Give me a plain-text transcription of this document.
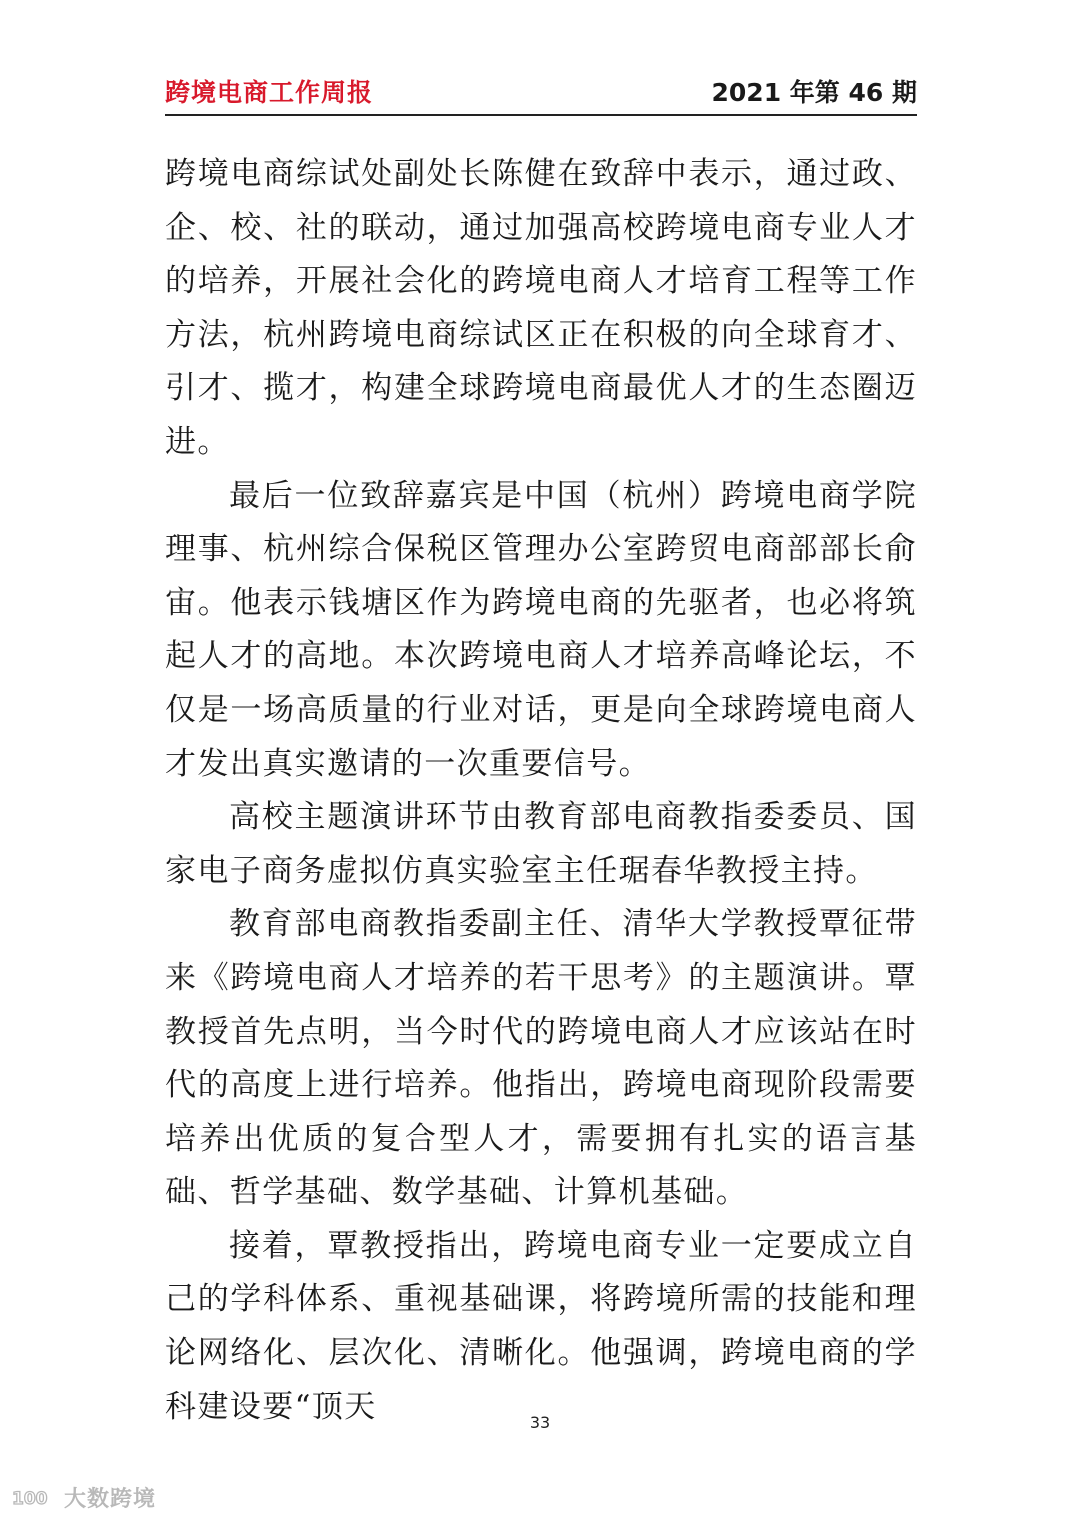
跨境电商工作周报	2021 年第 46 期

跨境电商综试处副处长陈健在致辞中表示，通过政、企、校、社的联动，通过加强高校跨境电商专业人才的培养，开展社会化的跨境电商人才培育工程等工作方法，杭州跨境电商综试区正在积极的向全球育才、引才、揽才，构建全球跨境电商最优人才的生态圈迈进。

最后一位致辞嘉宾是中国（杭州）跨境电商学院理事、杭州综合保税区管理办公室跨贸电商部部长俞宙。他表示钱塘区作为跨境电商的先驱者，也必将筑起人才的高地。本次跨境电商人才培养高峰论坛，不仅是一场高质量的行业对话，更是向全球跨境电商人才发出真实邀请的一次重要信号。

高校主题演讲环节由教育部电商教指委委员、国家电子商务虚拟仿真实验室主任琚春华教授主持。

教育部电商教指委副主任、清华大学教授覃征带来《跨境电商人才培养的若干思考》的主题演讲。覃教授首先点明，当今时代的跨境电商人才应该站在时代的高度上进行培养。他指出，跨境电商现阶段需要培养出优质的复合型人才，需要拥有扎实的语言基础、哲学基础、数学基础、计算机基础。

接着，覃教授指出，跨境电商专业一定要成立自己的学科体系、重视基础课，将跨境所需的技能和理论网络化、层次化、清晰化。他强调，跨境电商的学科建设要“顶天	33
100 大数跨境
